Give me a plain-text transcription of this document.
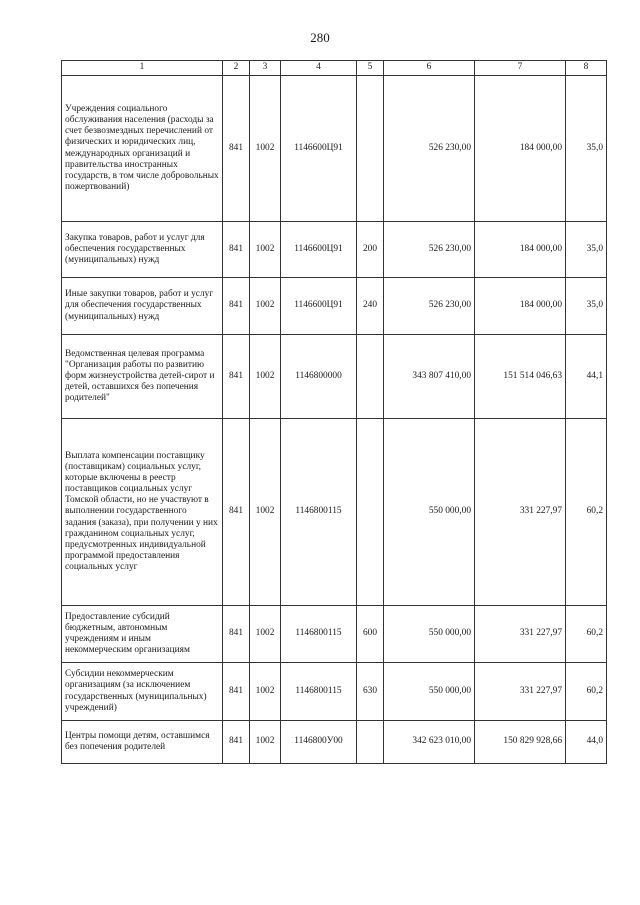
280
1	2	3	4	5	6	7	8
Учреждения социального обслуживания населения (расходы за счет безвозмездных перечислений от физических и юридических лиц, международных организаций и правительства иностранных государств, в том числе добровольных пожертвований)	841	1002	1146600Ц91		526 230,00	184 000,00	35,0
Закупка товаров, работ и услуг для обеспечения государственных (муниципальных) нужд	841	1002	1146600Ц91	200	526 230,00	184 000,00	35,0
Иные закупки товаров, работ и услуг для обеспечения государственных (муниципальных) нужд	841	1002	1146600Ц91	240	526 230,00	184 000,00	35,0
Ведомственная целевая программа "Организация работы по развитию форм жизнеустройства детей-сирот и детей, оставшихся без попечения родителей"	841	1002	1146800000		343 807 410,00	151 514 046,63	44,1
Выплата компенсации поставщику (поставщикам) социальных услуг, которые включены в реестр поставщиков социальных услуг Томской области, но не участвуют в выполнении государственного задания (заказа), при получении у них гражданином социальных услуг, предусмотренных индивидуальной программой предоставления социальных услуг	841	1002	1146800115		550 000,00	331 227,97	60,2
Предоставление субсидий бюджетным, автономным учреждениям и иным некоммерческим организациям	841	1002	1146800115	600	550 000,00	331 227,97	60,2
Субсидии некоммерческим организациям (за исключением государственных (муниципальных) учреждений)	841	1002	1146800115	630	550 000,00	331 227,97	60,2
Центры помощи детям, оставшимся без попечения родителей	841	1002	1146800У00		342 623 010,00	150 829 928,66	44,0
